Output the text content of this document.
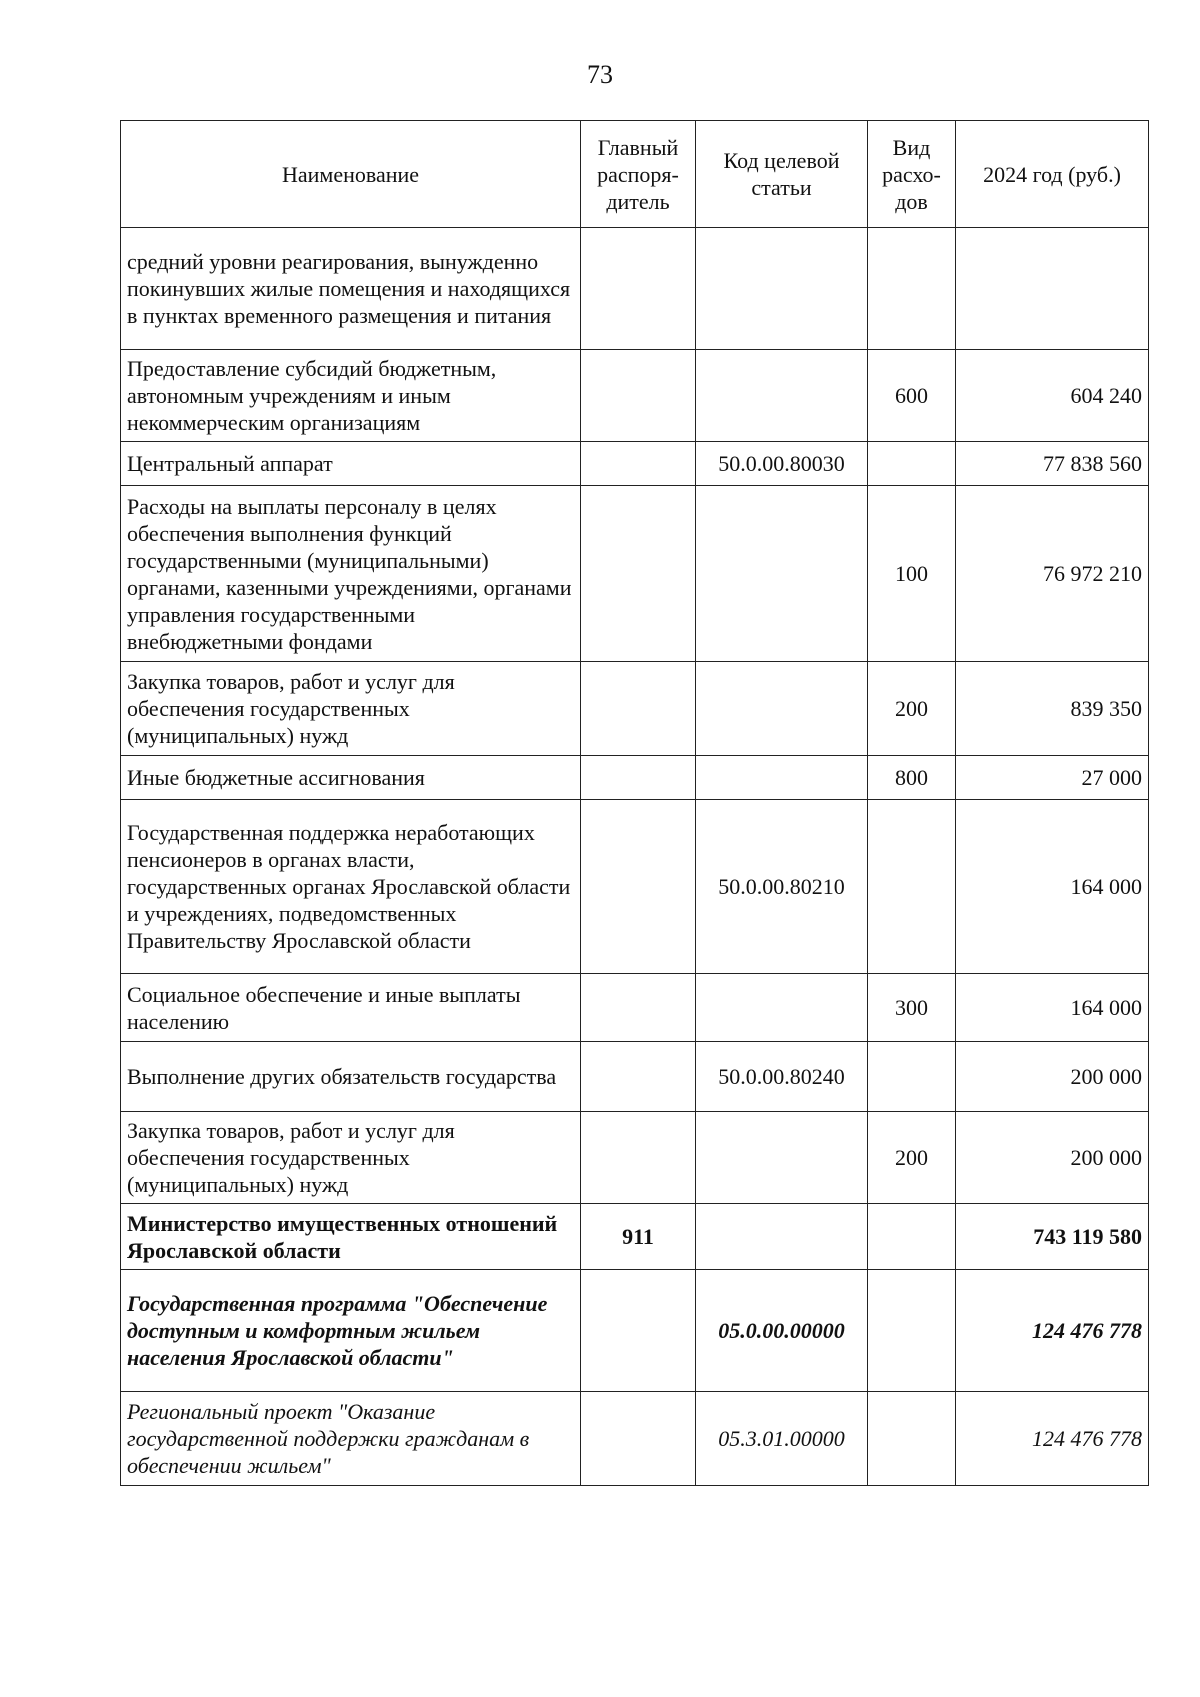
73
Наименование	Главный распоря-дитель	Код целевой статьи	Вид расхо-дов	2024 год (руб.)
средний уровни реагирования, вынужденно покинувших жилые помещения и находящихся в пунктах временного размещения и питания				
Предоставление субсидий бюджетным, автономным учреждениям и иным некоммерческим организациям			600	604 240
Центральный аппарат		50.0.00.80030		77 838 560
Расходы на выплаты персоналу в целях обеспечения выполнения функций государственными (муниципальными) органами, казенными учреждениями, органами управления государственными внебюджетными фондами			100	76 972 210
Закупка товаров, работ и услуг для обеспечения государственных (муниципальных) нужд			200	839 350
Иные бюджетные ассигнования			800	27 000
Государственная поддержка неработающих пенсионеров в органах власти, государственных органах Ярославской области и учреждениях, подведомственных Правительству Ярославской области		50.0.00.80210		164 000
Социальное обеспечение и иные выплаты населению			300	164 000
Выполнение других обязательств государства		50.0.00.80240		200 000
Закупка товаров, работ и услуг для обеспечения государственных (муниципальных) нужд			200	200 000
Министерство имущественных отношений Ярославской области	911			743 119 580
Государственная программа "Обеспечение доступным и комфортным жильем населения Ярославской области"		05.0.00.00000		124 476 778
Региональный проект "Оказание государственной поддержки гражданам в обеспечении жильем"		05.3.01.00000		124 476 778
